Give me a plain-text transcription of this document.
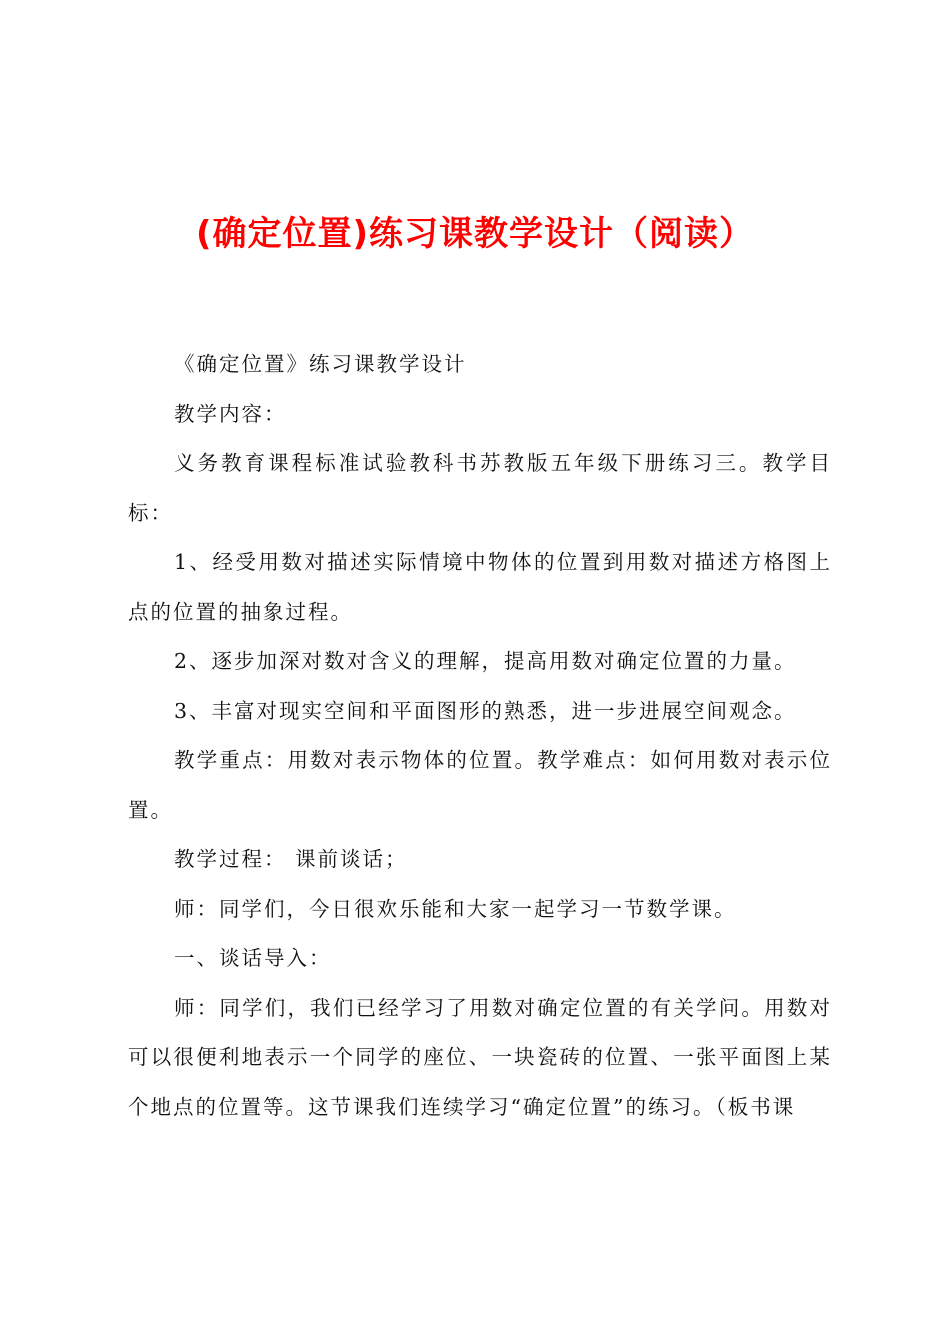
(确定位置)练习课教学设计（阅读）

《确定位置》练习课教学设计

教学内容：

义务教育课程标准试验教科书苏教版五年级下册练习三。教学目标：

1、经受用数对描述实际情境中物体的位置到用数对描述方格图上点的位置的抽象过程。

2、逐步加深对数对含义的理解，提高用数对确定位置的力量。

3、丰富对现实空间和平面图形的熟悉，进一步进展空间观念。

教学重点：用数对表示物体的位置。教学难点：如何用数对表示位置。

教学过程： 课前谈话；

师：同学们，今日很欢乐能和大家一起学习一节数学课。

一、谈话导入：

师：同学们，我们已经学习了用数对确定位置的有关学问。用数对可以很便利地表示一个同学的座位、一块瓷砖的位置、一张平面图上某个地点的位置等。这节课我们连续学习“确定位置”的练习。（板书课
